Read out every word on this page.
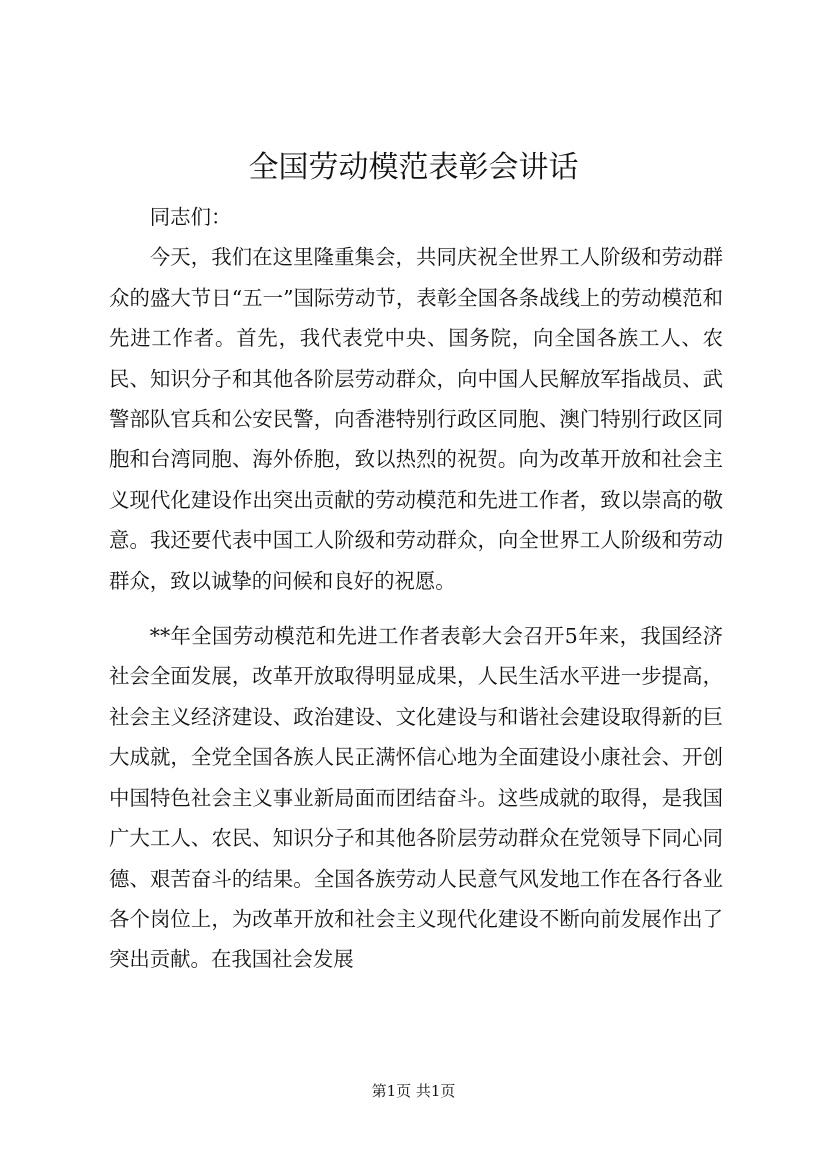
全国劳动模范表彰会讲话

同志们：

今天，我们在这里隆重集会，共同庆祝全世界工人阶级和劳动群众的盛大节日“五一”国际劳动节，表彰全国各条战线上的劳动模范和先进工作者。首先，我代表党中央、国务院，向全国各族工人、农民、知识分子和其他各阶层劳动群众，向中国人民解放军指战员、武警部队官兵和公安民警，向香港特别行政区同胞、澳门特别行政区同胞和台湾同胞、海外侨胞，致以热烈的祝贺。向为改革开放和社会主义现代化建设作出突出贡献的劳动模范和先进工作者，致以崇高的敬意。我还要代表中国工人阶级和劳动群众，向全世界工人阶级和劳动群众，致以诚挚的问候和良好的祝愿。

**年全国劳动模范和先进工作者表彰大会召开5年来，我国经济社会全面发展，改革开放取得明显成果，人民生活水平进一步提高，社会主义经济建设、政治建设、文化建设与和谐社会建设取得新的巨大成就，全党全国各族人民正满怀信心地为全面建设小康社会、开创中国特色社会主义事业新局面而团结奋斗。这些成就的取得，是我国广大工人、农民、知识分子和其他各阶层劳动群众在党领导下同心同德、艰苦奋斗的结果。全国各族劳动人民意气风发地工作在各行各业各个岗位上，为改革开放和社会主义现代化建设不断向前发展作出了突出贡献。在我国社会发展

第1页 共1页
